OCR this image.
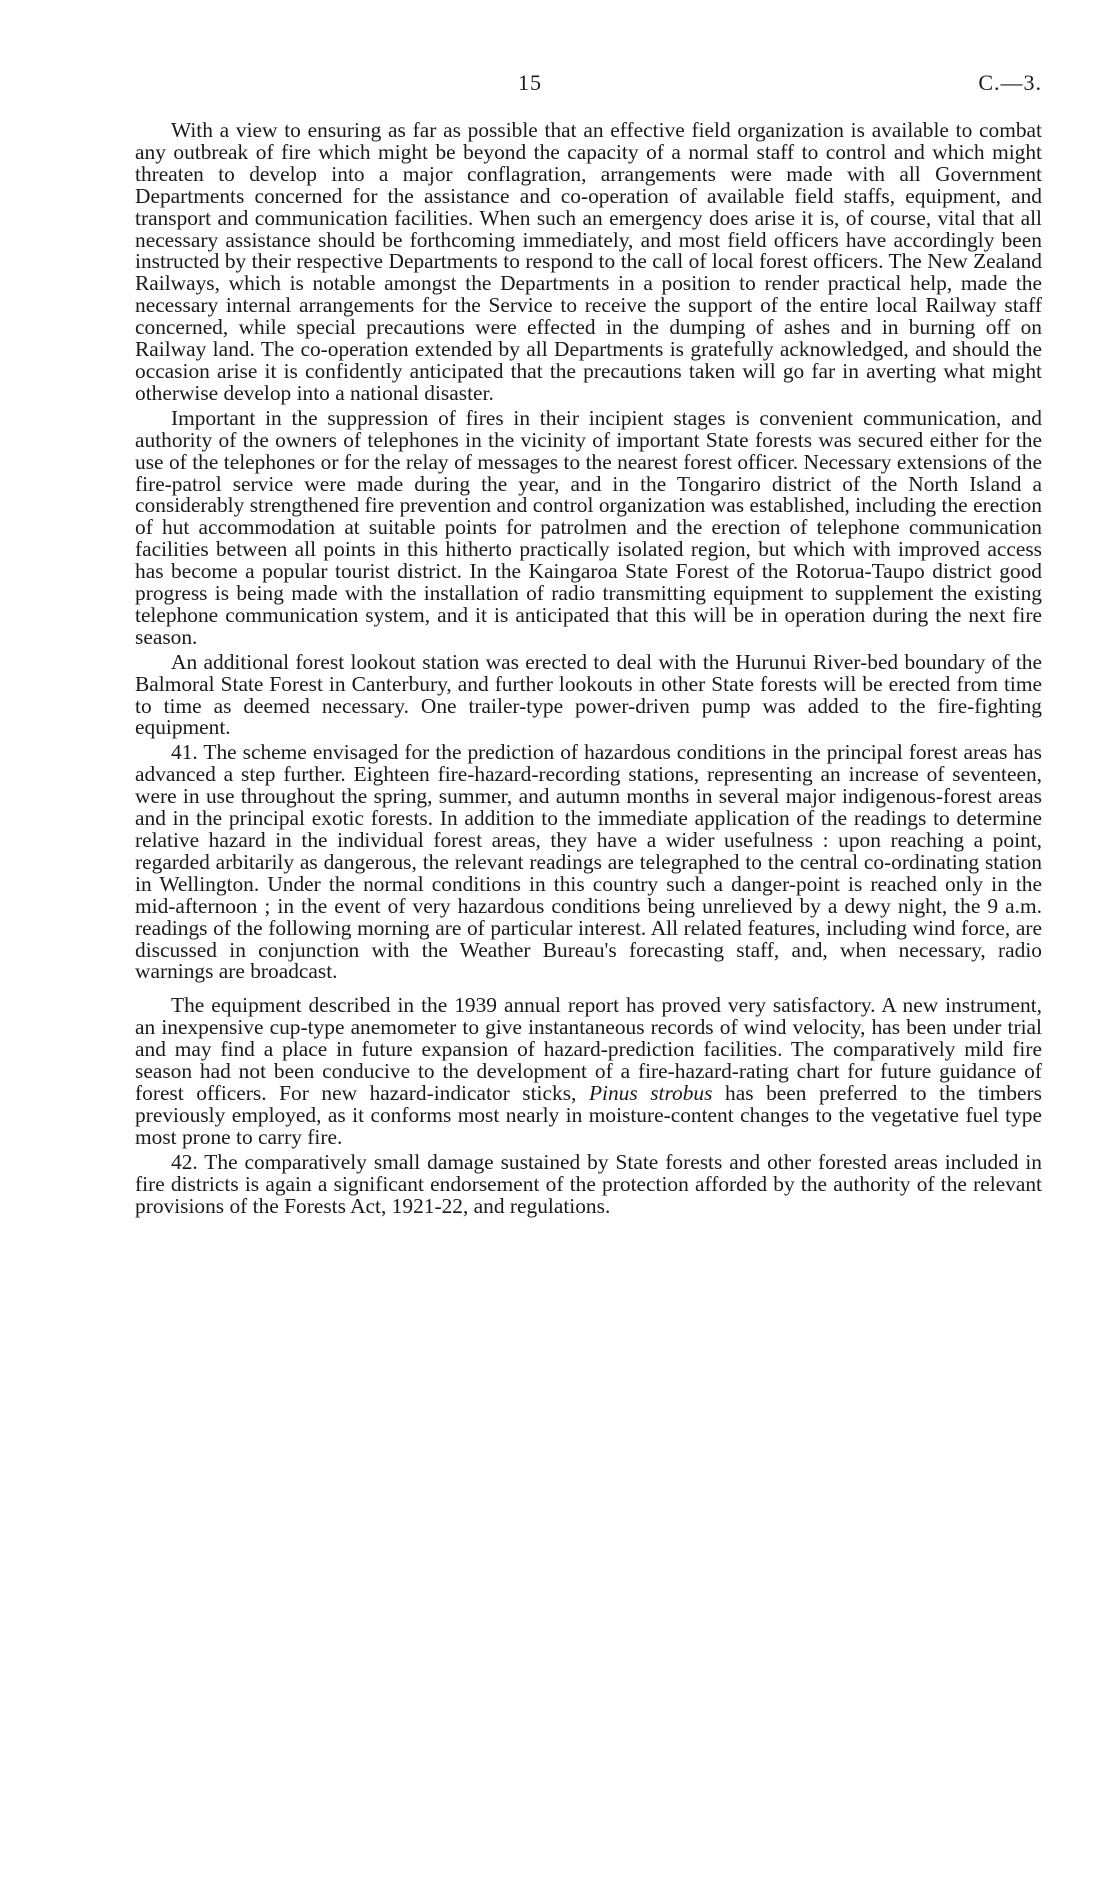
15	C.—3.

With a view to ensuring as far as possible that an effective field organization is available to combat any outbreak of fire which might be beyond the capacity of a normal staff to control and which might threaten to develop into a major conflagration, arrangements were made with all Government Departments concerned for the assistance and co-operation of available field staffs, equipment, and transport and communication facilities. When such an emergency does arise it is, of course, vital that all necessary assistance should be forthcoming immediately, and most field officers have accordingly been instructed by their respective Departments to respond to the call of local forest officers. The New Zealand Railways, which is notable amongst the Departments in a position to render practical help, made the necessary internal arrangements for the Service to receive the support of the entire local Railway staff concerned, while special precautions were effected in the dumping of ashes and in burning off on Railway land. The co-operation extended by all Departments is gratefully acknowledged, and should the occasion arise it is confidently anticipated that the precautions taken will go far in averting what might otherwise develop into a national disaster.

Important in the suppression of fires in their incipient stages is convenient communication, and authority of the owners of telephones in the vicinity of important State forests was secured either for the use of the telephones or for the relay of messages to the nearest forest officer. Necessary extensions of the fire-patrol service were made during the year, and in the Tongariro district of the North Island a considerably strengthened fire prevention and control organization was established, including the erection of hut accommodation at suitable points for patrolmen and the erection of telephone communication facilities between all points in this hitherto practically isolated region, but which with improved access has become a popular tourist district. In the Kaingaroa State Forest of the Rotorua-Taupo district good progress is being made with the installation of radio transmitting equipment to supplement the existing telephone communication system, and it is anticipated that this will be in operation during the next fire season.

An additional forest lookout station was erected to deal with the Hurunui River-bed boundary of the Balmoral State Forest in Canterbury, and further lookouts in other State forests will be erected from time to time as deemed necessary. One trailer-type power-driven pump was added to the fire-fighting equipment.

41. The scheme envisaged for the prediction of hazardous conditions in the principal forest areas has advanced a step further. Eighteen fire-hazard-recording stations, representing an increase of seventeen, were in use throughout the spring, summer, and autumn months in several major indigenous-forest areas and in the principal exotic forests. In addition to the immediate application of the readings to determine relative hazard in the individual forest areas, they have a wider usefulness : upon reaching a point, regarded arbitarily as dangerous, the relevant readings are telegraphed to the central co-ordinating station in Wellington. Under the normal conditions in this country such a danger-point is reached only in the mid-afternoon ; in the event of very hazardous conditions being unrelieved by a dewy night, the 9 a.m. readings of the following morning are of particular interest. All related features, including wind force, are discussed in conjunction with the Weather Bureau's forecasting staff, and, when necessary, radio warnings are broadcast.

The equipment described in the 1939 annual report has proved very satisfactory. A new instrument, an inexpensive cup-type anemometer to give instantaneous records of wind velocity, has been under trial and may find a place in future expansion of hazard-prediction facilities. The comparatively mild fire season had not been conducive to the development of a fire-hazard-rating chart for future guidance of forest officers. For new hazard-indicator sticks, Pinus strobus has been preferred to the timbers previously employed, as it conforms most nearly in moisture-content changes to the vegetative fuel type most prone to carry fire.

42. The comparatively small damage sustained by State forests and other forested areas included in fire districts is again a significant endorsement of the protection afforded by the authority of the relevant provisions of the Forests Act, 1921-22, and regulations.
